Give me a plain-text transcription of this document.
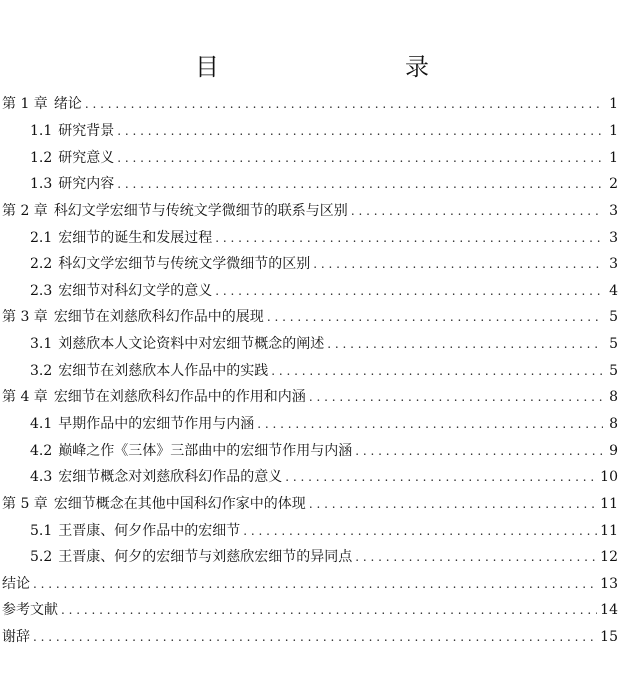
目　　录
第 1 章 绪论 . . .	1
1.1 研究背景 . . .	1
1.2 研究意义 . . .	1
1.3 研究内容 . . .	2
第 2 章 科幻文学宏细节与传统文学微细节的联系与区别 . . .	3
2.1 宏细节的诞生和发展过程 . . .	3
2.2 科幻文学宏细节与传统文学微细节的区别 . . .	3
2.3 宏细节对科幻文学的意义 . . .	4
第 3 章 宏细节在刘慈欣科幻作品中的展现 . . .	5
3.1 刘慈欣本人文论资料中对宏细节概念的阐述 . . .	5
3.2 宏细节在刘慈欣本人作品中的实践 . . .	5
第 4 章 宏细节在刘慈欣科幻作品中的作用和内涵 . . .	8
4.1 早期作品中的宏细节作用与内涵 . . .	8
4.2 巅峰之作《三体》三部曲中的宏细节作用与内涵 . . .	9
4.3 宏细节概念对刘慈欣科幻作品的意义 . . .	10
第 5 章 宏细节概念在其他中国科幻作家中的体现 . . .	11
5.1 王晋康、何夕作品中的宏细节 . . .	11
5.2 王晋康、何夕的宏细节与刘慈欣宏细节的异同点 . . .	12
结论 . . .	13
参考文献 . . .	14
谢辞 . . .	15
